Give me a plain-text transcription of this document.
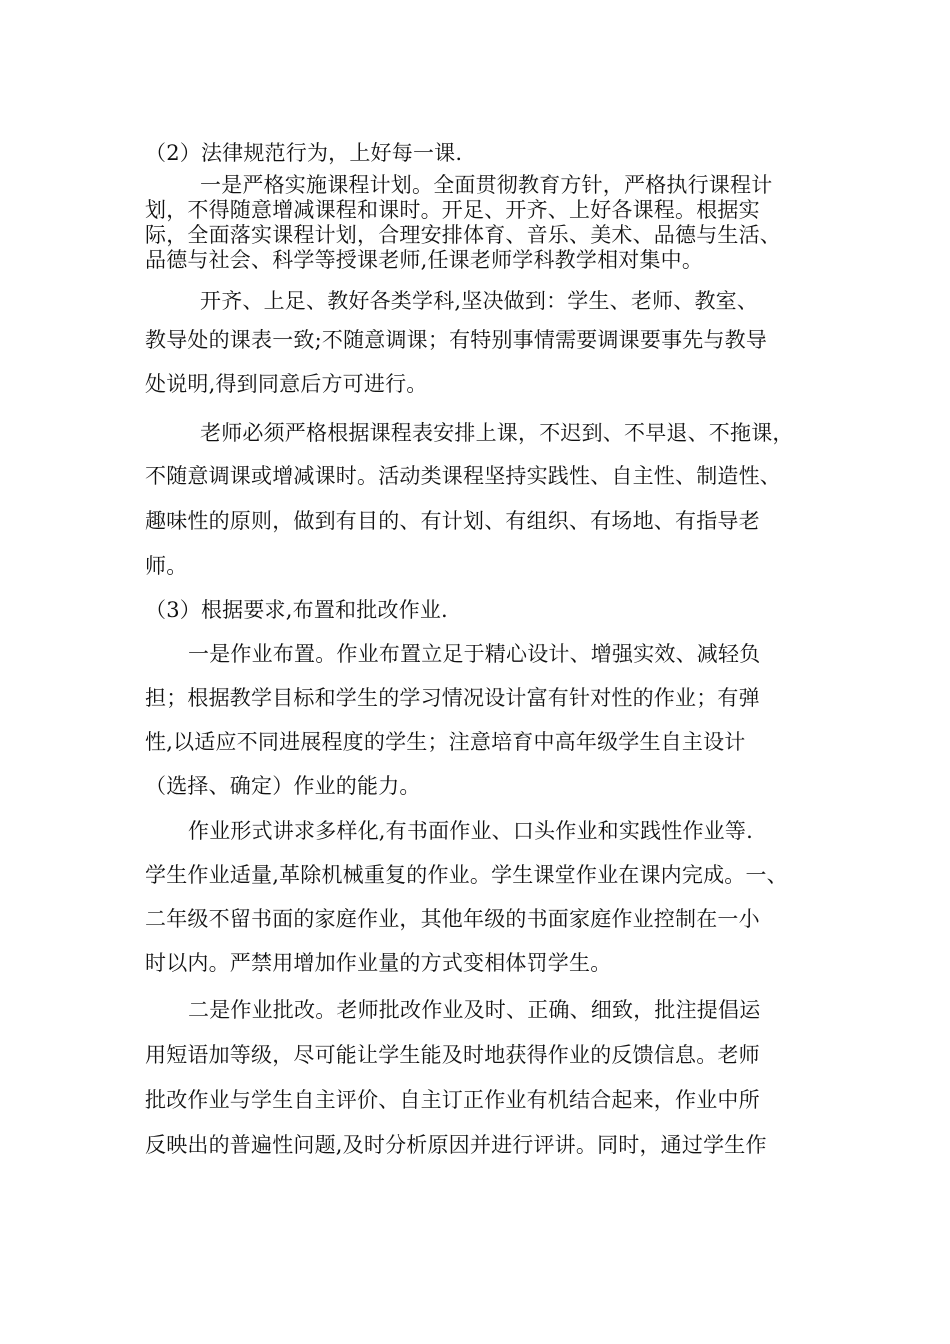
（2）法律规范行为，上好每一课.
一是严格实施课程计划。全面贯彻教育方针，严格执行课程计
划，不得随意增减课程和课时。开足、开齐、上好各课程。根据实
际，全面落实课程计划，合理安排体育、音乐、美术、品德与生活、
品德与社会、科学等授课老师,任课老师学科教学相对集中。
开齐、上足、教好各类学科,坚决做到：学生、老师、教室、
教导处的课表一致;不随意调课；有特别事情需要调课要事先与教导
处说明,得到同意后方可进行。
老师必须严格根据课程表安排上课，不迟到、不早退、不拖课，
不随意调课或增减课时。活动类课程坚持实践性、自主性、制造性、
趣味性的原则，做到有目的、有计划、有组织、有场地、有指导老
师。
（3）根据要求,布置和批改作业.
一是作业布置。作业布置立足于精心设计、增强实效、减轻负
担；根据教学目标和学生的学习情况设计富有针对性的作业；有弹
性,以适应不同进展程度的学生；注意培育中高年级学生自主设计
（选择、确定）作业的能力。
作业形式讲求多样化,有书面作业、口头作业和实践性作业等.
学生作业适量,革除机械重复的作业。学生课堂作业在课内完成。一、
二年级不留书面的家庭作业，其他年级的书面家庭作业控制在一小
时以内。严禁用增加作业量的方式变相体罚学生。
二是作业批改。老师批改作业及时、正确、细致，批注提倡运
用短语加等级，尽可能让学生能及时地获得作业的反馈信息。老师
批改作业与学生自主评价、自主订正作业有机结合起来，作业中所
反映出的普遍性问题,及时分析原因并进行评讲。同时，通过学生作
